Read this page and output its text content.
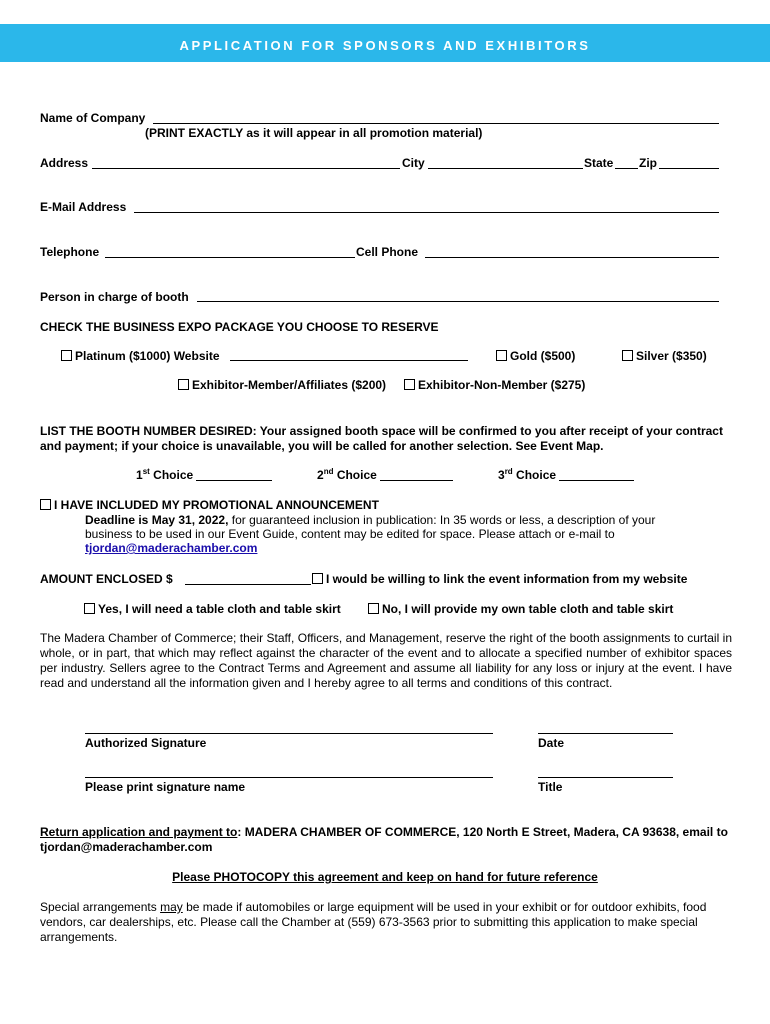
APPLICATION FOR SPONSORS AND EXHIBITORS
Name of Company
(PRINT EXACTLY as it will appear in all promotion material)
Address	City	State Zip
E-Mail Address
Telephone	Cell Phone
Person in charge of booth
CHECK THE BUSINESS EXPO PACKAGE YOU CHOOSE TO RESERVE
Platinum ($1000) Website	Gold ($500)	Silver ($350)
Exhibitor-Member/Affiliates ($200)	Exhibitor-Non-Member ($275)
LIST THE BOOTH NUMBER DESIRED: Your assigned booth space will be confirmed to you after receipt of your contract and payment; if your choice is unavailable, you will be called for another selection. See Event Map.
1st Choice	2nd Choice	3rd Choice
I HAVE INCLUDED MY PROMOTIONAL ANNOUNCEMENT
Deadline is May 31, 2022, for guaranteed inclusion in publication: In 35 words or less, a description of your business to be used in our Event Guide, content may be edited for space. Please attach or e-mail to
tjordan@maderachamber.com
AMOUNT ENCLOSED $	I would be willing to link the event information from my website
Yes, I will need a table cloth and table skirt	No, I will provide my own table cloth and table skirt
The Madera Chamber of Commerce; their Staff, Officers, and Management, reserve the right of the booth assignments to curtail in whole, or in part, that which may reflect against the character of the event and to allocate a specified number of exhibitor spaces per industry. Sellers agree to the Contract Terms and Agreement and assume all liability for any loss or injury at the event. I have read and understand all the information given and I hereby agree to all terms and conditions of this contract.
Authorized Signature	Date
Please print signature name	Title
Return application and payment to: MADERA CHAMBER OF COMMERCE, 120 North E Street, Madera, CA 93638, email to tjordan@maderachamber.com
Please PHOTOCOPY this agreement and keep on hand for future reference
Special arrangements may be made if automobiles or large equipment will be used in your exhibit or for outdoor exhibits, food vendors, car dealerships, etc. Please call the Chamber at (559) 673-3563 prior to submitting this application to make special arrangements.
